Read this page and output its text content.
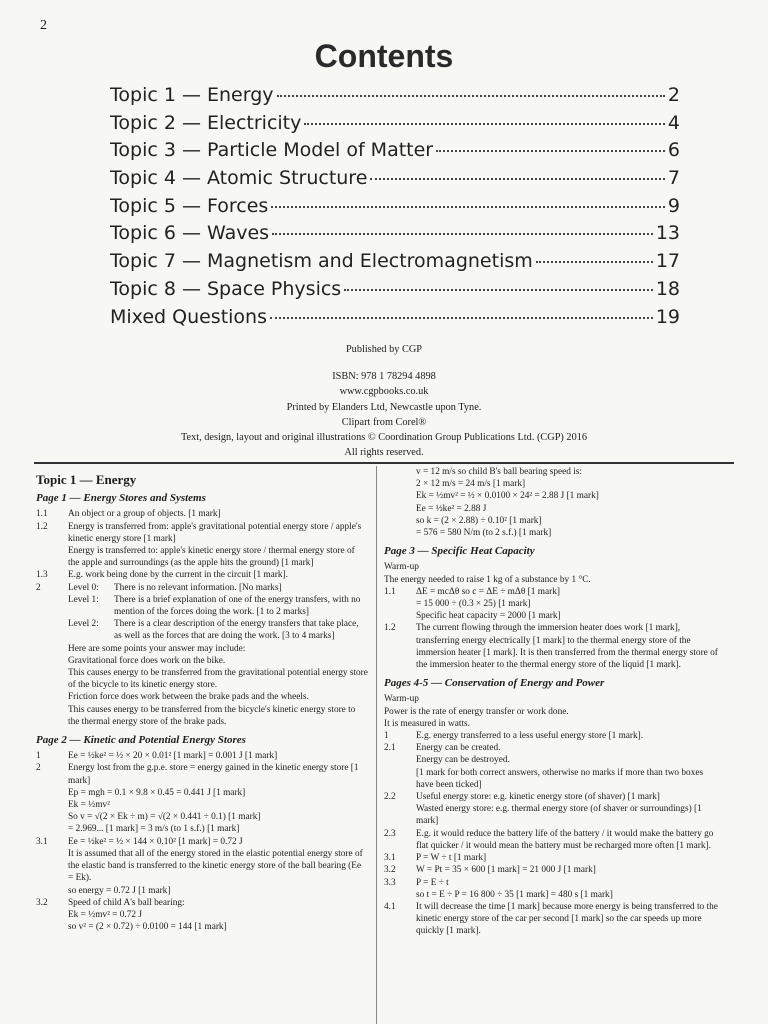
2
Contents
Topic 1 — Energy	2
Topic 2 — Electricity	4
Topic 3 — Particle Model of Matter	6
Topic 4 — Atomic Structure	7
Topic 5 — Forces	9
Topic 6 — Waves	13
Topic 7 — Magnetism and Electromagnetism	17
Topic 8 — Space Physics	18
Mixed Questions	19
Published by CGP
ISBN: 978 1 78294 4898
www.cgpbooks.co.uk
Printed by Elanders Ltd, Newcastle upon Tyne.
Clipart from Corel®
Text, design, layout and original illustrations © Coordination Group Publications Ltd. (CGP) 2016
All rights reserved.
Topic 1 — Energy
Page 1 — Energy Stores and Systems
1.1	An object or a group of objects. [1 mark]
1.2	Energy is transferred from: apple's gravitational potential energy store / apple's kinetic energy store [1 mark]
Energy is transferred to: apple's kinetic energy store / thermal energy store of the apple and surroundings (as the apple hits the ground) [1 mark]
1.3	E.g. work being done by the current in the circuit [1 mark].
2	Level 0:	There is no relevant information. [No marks]
Level 1:	There is a brief explanation of one of the energy transfers, with no mention of the forces doing the work. [1 to 2 marks]
Level 2:	There is a clear description of the energy transfers that take place, as well as the forces that are doing the work. [3 to 4 marks]
Here are some points your answer may include:
Gravitational force does work on the bike.
This causes energy to be transferred from the gravitational potential energy store of the bicycle to its kinetic energy store.
Friction force does work between the brake pads and the wheels.
This causes energy to be transferred from the bicycle's kinetic energy store to the thermal energy store of the brake pads.
Page 2 — Kinetic and Potential Energy Stores
1	Ee = ½ke² = ½ × 20 × 0.01² [1 mark] = 0.001 J [1 mark]
2	Energy lost from the g.p.e. store = energy gained in the kinetic energy store [1 mark]
Ep = mgh = 0.1 × 9.8 × 0.45 = 0.441 J [1 mark]
Ek = ½mv²
So v = √(2 × Ek ÷ m) = √(2 × 0.441 ÷ 0.1) [1 mark]
= 2.969... [1 mark] = 3 m/s (to 1 s.f.) [1 mark]
3.1	Ee = ½ke² = ½ × 144 × 0.10² [1 mark] = 0.72 J
It is assumed that all of the energy stored in the elastic potential energy store of the elastic band is transferred to the kinetic energy store of the ball bearing (Ee = Ek).
so energy = 0.72 J [1 mark]
3.2	Speed of child A's ball bearing:
Ek = ½mv² = 0.72 J
so v² = (2 × 0.72) ÷ 0.0100 = 144 [1 mark]
v = 12 m/s so child B's ball bearing speed is:
2 × 12 m/s = 24 m/s [1 mark]
Ek = ½mv² = ½ × 0.0100 × 24² = 2.88 J [1 mark]
Ee = ½ke² = 2.88 J
so k = (2 × 2.88) ÷ 0.10² [1 mark]
= 576 = 580 N/m (to 2 s.f.) [1 mark]
Page 3 — Specific Heat Capacity
Warm-up
The energy needed to raise 1 kg of a substance by 1 °C.
1.1	ΔE = mcΔθ so c = ΔE ÷ mΔθ [1 mark]
= 15 000 ÷ (0.3 × 25) [1 mark]
Specific heat capacity = 2000 [1 mark]
1.2	The current flowing through the immersion heater does work [1 mark], transferring energy electrically [1 mark] to the thermal energy store of the immersion heater [1 mark]. It is then transferred from the thermal energy store of the immersion heater to the thermal energy store of the liquid [1 mark].
Pages 4-5 — Conservation of Energy and Power
Warm-up
Power is the rate of energy transfer or work done.
It is measured in watts.
1	E.g. energy transferred to a less useful energy store [1 mark].
2.1	Energy can be created.
Energy can be destroyed.
[1 mark for both correct answers, otherwise no marks if more than two boxes have been ticked]
2.2	Useful energy store: e.g. kinetic energy store (of shaver) [1 mark]
Wasted energy store: e.g. thermal energy store (of shaver or surroundings) [1 mark]
2.3	E.g. it would reduce the battery life of the battery / it would make the battery go flat quicker / it would mean the battery must be recharged more often [1 mark].
3.1	P = W ÷ t [1 mark]
3.2	W = Pt = 35 × 600 [1 mark] = 21 000 J [1 mark]
3.3	P = E ÷ t
so t = E ÷ P = 16 800 ÷ 35 [1 mark] = 480 s [1 mark]
4.1	It will decrease the time [1 mark] because more energy is being transferred to the kinetic energy store of the car per second [1 mark] so the car speeds up more quickly [1 mark].
